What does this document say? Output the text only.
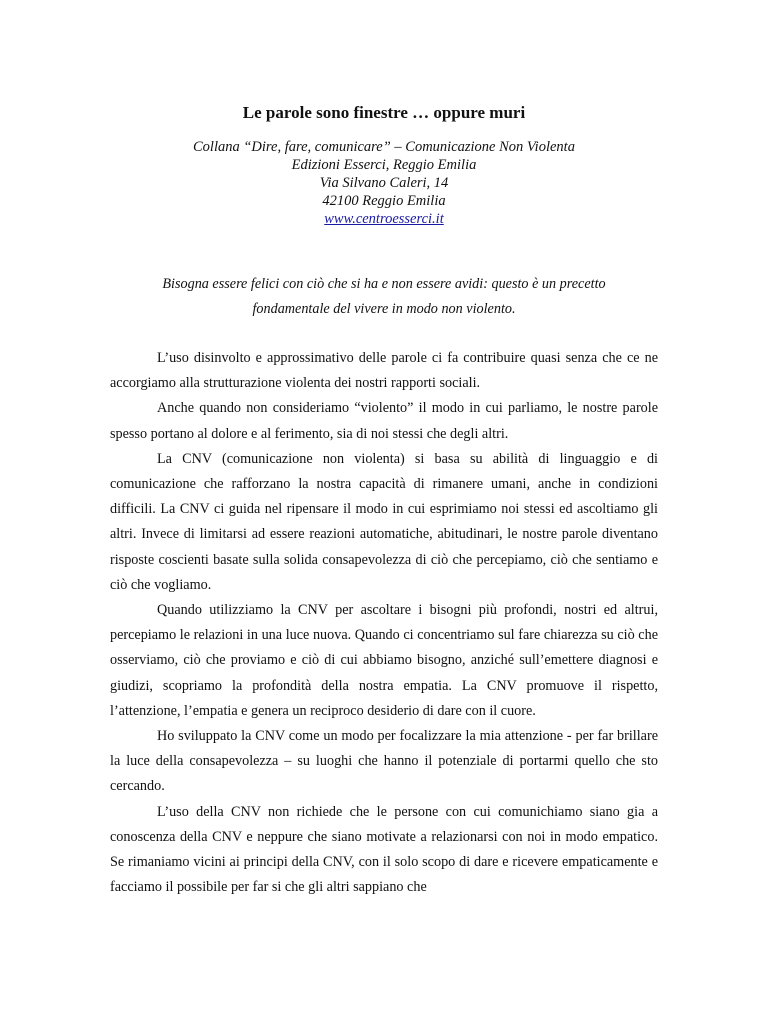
Le parole sono finestre … oppure muri
Collana “Dire, fare, comunicare” – Comunicazione Non Violenta
Edizioni Esserci, Reggio Emilia
Via Silvano Caleri, 14
42100 Reggio Emilia
www.centroesserci.it
Bisogna essere felici con ciò che si ha e non essere avidi: questo è un precetto
fondamentale del vivere in modo non violento.

L’uso disinvolto e approssimativo delle parole ci fa contribuire quasi senza che ce ne accorgiamo alla strutturazione violenta dei nostri rapporti sociali.

Anche quando non consideriamo “violento” il modo in cui parliamo, le nostre parole spesso portano al dolore e al ferimento, sia di noi stessi che degli altri.

La CNV (comunicazione non violenta) si basa su abilità di linguaggio e di comunicazione che rafforzano la nostra capacità di rimanere umani, anche in condizioni difficili. La CNV ci guida nel ripensare il modo in cui esprimiamo noi stessi ed ascoltiamo gli altri. Invece di limitarsi ad essere reazioni automatiche, abitudinari, le nostre parole diventano risposte coscienti basate sulla solida consapevolezza di ciò che percepiamo, ciò che sentiamo e ciò che vogliamo.

Quando utilizziamo la CNV per ascoltare i bisogni più profondi, nostri ed altrui, percepiamo le relazioni in una luce nuova. Quando ci concentriamo sul fare chiarezza su ciò che osserviamo, ciò che proviamo e ciò di cui abbiamo bisogno, anziché sull’emettere diagnosi e giudizi, scopriamo la profondità della nostra empatia. La CNV promuove il rispetto, l’attenzione, l’empatia e genera un reciproco desiderio di dare con il cuore.

Ho sviluppato la CNV come un modo per focalizzare la mia attenzione - per far brillare la luce della consapevolezza – su luoghi che hanno il potenziale di portarmi quello che sto cercando.

L’uso della CNV non richiede che le persone con cui comunichiamo siano gia a conoscenza della CNV e neppure che siano motivate a relazionarsi con noi in modo empatico. Se rimaniamo vicini ai principi della CNV, con il solo scopo di dare e ricevere empaticamente e facciamo il possibile per far si che gli altri sappiano che
